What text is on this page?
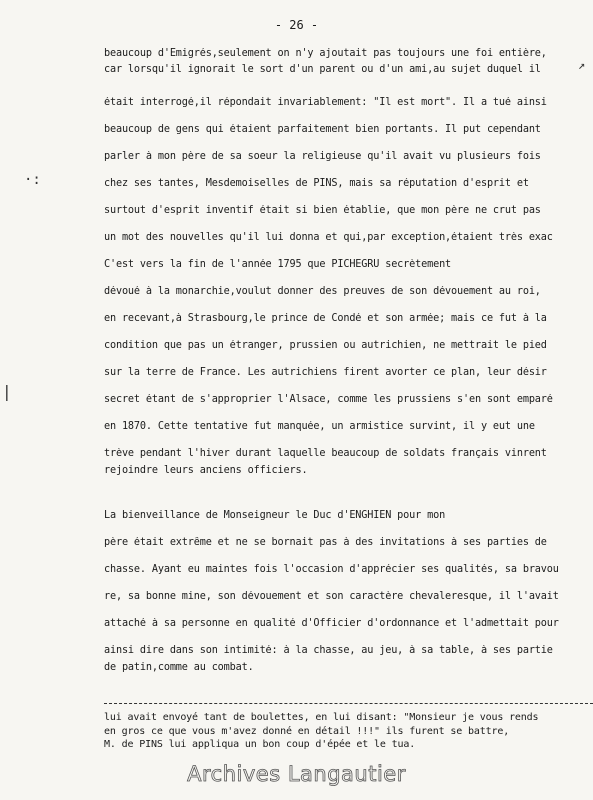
- 26 -
beaucoup d'Emigrés,seulement on n'y ajoutait pas toujours une foi entière,
car lorsqu'il ignorait le sort d'un parent ou d'un ami,au sujet duquel il
était interrogé,il répondait invariablement: "Il est mort". Il a tué ainsi
beaucoup de gens qui étaient parfaitement bien portants. Il put cependant
parler à mon père de sa soeur la religieuse qu'il avait vu plusieurs fois
chez ses tantes, Mesdemoiselles de PINS, mais sa réputation d'esprit et
surtout d'esprit inventif était si bien établie, que mon père ne crut pas
un mot des nouvelles qu'il lui donna et qui,par exception,étaient très exac
C'est vers la fin de l'année 1795 que PICHEGRU secrètement
dévoué à la monarchie,voulut donner des preuves de son dévouement au roi,
en recevant,à Strasbourg,le prince de Condé et son armée; mais ce fut à la
condition que pas un étranger, prussien ou autrichien, ne mettrait le pied
sur la terre de France. Les autrichiens firent avorter ce plan, leur désir
secret étant de s'approprier l'Alsace, comme les prussiens s'en sont emparé
en 1870. Cette tentative fut manquée, un armistice survint, il y eut une
trève pendant l'hiver durant laquelle beaucoup de soldats français vinrent
rejoindre leurs anciens officiers.
La bienveillance de Monseigneur le Duc d'ENGHIEN pour mon
père était extrême et ne se bornait pas à des invitations à ses parties de
chasse. Ayant eu maintes fois l'occasion d'apprécier ses qualités, sa bravou
re, sa bonne mine, son dévouement et son caractère chevaleresque, il l'avait
attaché à sa personne en qualité d'Officier d'ordonnance et l'admettait pour
ainsi dire dans son intimité: à la chasse, au jeu, à sa table, à ses partie
de patin,comme au combat.
lui avait envoyé tant de boulettes, en lui disant: "Monsieur je vous rends
en gros ce que vous m'avez donné en détail !!!" ils furent se battre,
M. de PINS lui appliqua un bon coup d'épée et le tua.
·:
|
↗
Archives Langautier
